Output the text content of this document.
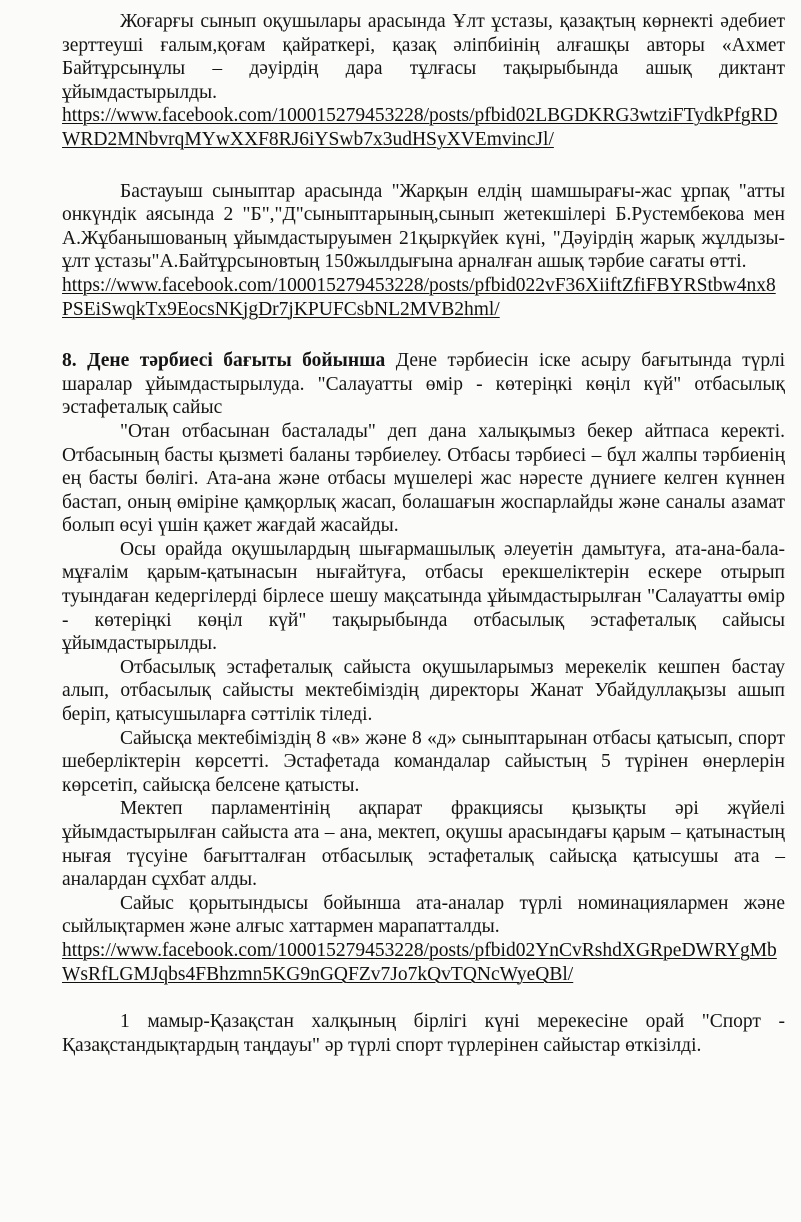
Жоғарғы сынып оқушылары арасында Ұлт ұстазы, қазақтың көрнекті әдебиет зерттеуші ғалым,қоғам қайраткері, қазақ әліпбиінің алғашқы авторы «Ахмет Байтұрсынұлы – дәуірдің дара тұлғасы тақырыбында ашық диктант ұйымдастырылды.

https://www.facebook.com/100015279453228/posts/pfbid02LBGDKRG3wtziFTydkPfgRDWRD2MNbvrqMYwXXF8RJ6iYSwb7x3udHSyXVEmvincJl/

Бастауыш сыныптар арасында "Жарқын елдің шамшырағы-жас ұрпақ "атты онкүндік аясында 2 "Б","Д"сыныптарының,сынып жетекшілері Б.Рустембекова мен А.Жұбанышованың ұйымдастыруымен 21қыркүйек күні, "Дәуірдің жарық жұлдызы-ұлт ұстазы"А.Байтұрсыновтың 150жылдығына арналған ашық тәрбие сағаты өтті.

https://www.facebook.com/100015279453228/posts/pfbid022vF36XiiftZfiFBYRStbw4nx8PSEiSwqkTx9EocsNKjgDr7jKPUFCsbNL2MVB2hml/

8. Дене тәрбиесі бағыты бойынша Дене тәрбиесін іске асыру бағытында түрлі шаралар ұйымдастырылуда. "Салауатты өмір - көтеріңкі көңіл күй" отбасылық эстафеталық сайыс

"Отан отбасынан басталады" деп дана халықымыз бекер айтпаса керекті. Отбасының басты қызметі баланы тәрбиелеу. Отбасы тәрбиесі – бұл жалпы тәрбиенің ең басты бөлігі. Ата-ана және отбасы мүшелері жас нәресте дүниеге келген күннен бастап, оның өміріне қамқорлық жасап, болашағын жоспарлайды және саналы азамат болып өсуі үшін қажет жағдай жасайды.

Осы орайда оқушылардың шығармашылық әлеуетін дамытуға, ата-ана-бала-мұғалім қарым-қатынасын нығайтуға, отбасы ерекшеліктерін ескере отырып туындаған кедергілерді бірлесе шешу мақсатында ұйымдастырылған "Салауатты өмір - көтеріңкі көңіл күй" тақырыбында отбасылық эстафеталық сайысы ұйымдастырылды.

Отбасылық эстафеталық сайыста оқушыларымыз мерекелік кешпен бастау алып, отбасылық сайысты мектебіміздің директоры Жанат Убайдуллақызы ашып беріп, қатысушыларға сәттілік тіледі.

Сайысқа мектебіміздің 8 «в» және 8 «д» сыныптарынан отбасы қатысып, спорт шеберліктерін көрсетті. Эстафетада командалар сайыстың 5 түрінен өнерлерін көрсетіп, сайысқа белсене қатысты.

Мектеп парламентінің ақпарат фракциясы қызықты әрі жүйелі ұйымдастырылған сайыста ата – ана, мектеп, оқушы арасындағы қарым – қатынастың нығая түсуіне бағытталған отбасылық эстафеталық сайысқа қатысушы ата – аналардан сұхбат алды.

Сайыс қорытындысы бойынша ата-аналар түрлі номинациялармен және сыйлықтармен және алғыс хаттармен марапатталды.

https://www.facebook.com/100015279453228/posts/pfbid02YnCvRshdXGRpeDWRYgMbWsRfLGMJqbs4FBhzmn5KG9nGQFZv7Jo7kQvTQNcWyeQBl/

1 мамыр-Қазақстан халқының бірлігі күні мерекесіне орай "Спорт - Қазақстандықтардың таңдауы" әр түрлі спорт түрлерінен сайыстар өткізілді.
